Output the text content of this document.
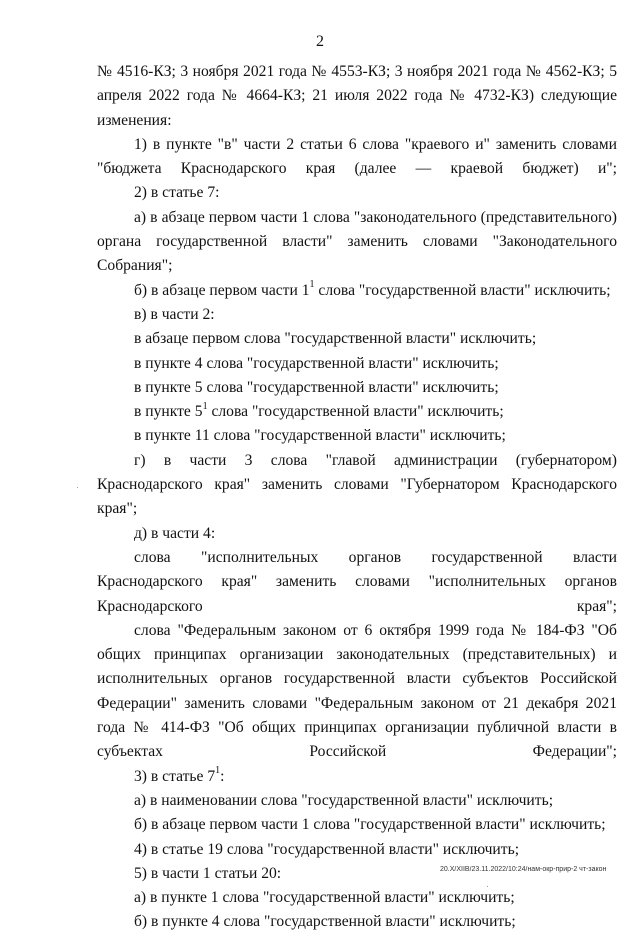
2

№ 4516-КЗ; 3 ноября 2021 года № 4553-КЗ; 3 ноября 2021 года № 4562-КЗ; 5 апреля 2022 года № 4664-КЗ; 21 июля 2022 года № 4732-КЗ) следующие изменения:

1) в пункте "в" части 2 статьи 6 слова "краевого и" заменить словами "бюджета Краснодарского края (далее — краевой бюджет) и";

2) в статье 7:

а) в абзаце первом части 1 слова "законодательного (представительного) органа государственной власти" заменить словами "Законодательного Собрания";

б) в абзаце первом части $1^1$ слова "государственной власти" исключить;

в) в части 2:

в абзаце первом слова "государственной власти" исключить;

в пункте 4 слова "государственной власти" исключить;

в пункте 5 слова "государственной власти" исключить;

в пункте $5^1$ слова "государственной власти" исключить;

в пункте 11 слова "государственной власти" исключить;

г) в части 3 слова "главой администрации (губернатором) Краснодарского края" заменить словами "Губернатором Краснодарского края";

д) в части 4:

слова "исполнительных органов государственной власти Краснодарского края" заменить словами "исполнительных органов Краснодарского края";

слова "Федеральным законом от 6 октября 1999 года № 184-ФЗ "Об общих принципах организации законодательных (представительных) и исполнительных органов государственной власти субъектов Российской Федерации" заменить словами "Федеральным законом от 21 декабря 2021 года № 414-ФЗ "Об общих принципах организации публичной власти в субъектах Российской Федерации";

3) в статье $7^1$:

а) в наименовании слова "государственной власти" исключить;

б) в абзаце первом части 1 слова "государственной власти" исключить;

4) в статье 19 слова "государственной власти" исключить;

5) в части 1 статьи 20:

а) в пункте 1 слова "государственной власти" исключить;

б) в пункте 4 слова "государственной власти" исключить;

20.X/XIIB/23.11.2022/10:24/нам-окр-прир-2 чт-закон
